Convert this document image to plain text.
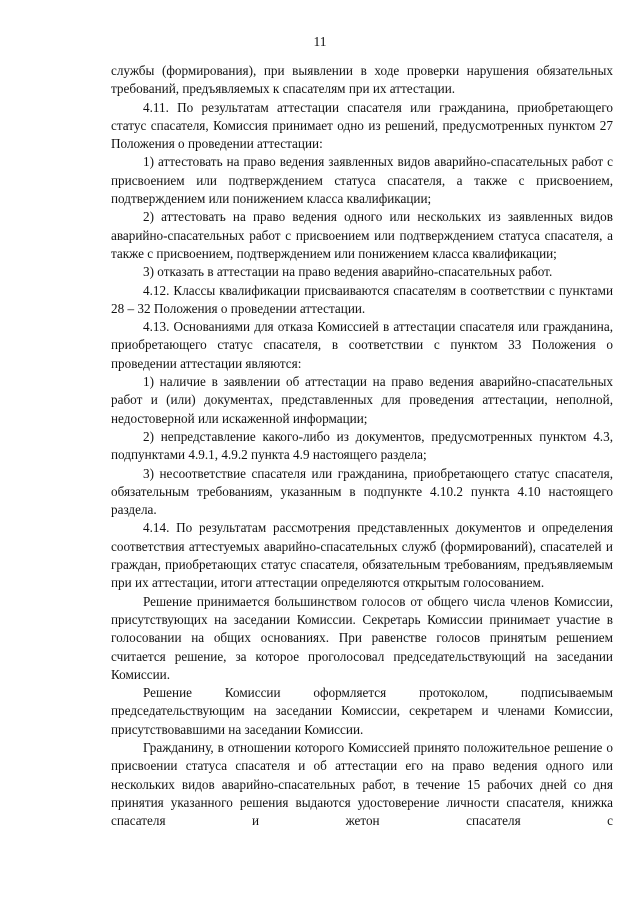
11

службы (формирования), при выявлении в ходе проверки нарушения обязательных требований, предъявляемых к спасателям при их аттестации.

4.11. По результатам аттестации спасателя или гражданина, приобретающего статус спасателя, Комиссия принимает одно из решений, предусмотренных пунктом 27 Положения о проведении аттестации:

1) аттестовать на право ведения заявленных видов аварийно-спасательных работ с присвоением или подтверждением статуса спасателя, а также с присвоением, подтверждением или понижением класса квалификации;

2) аттестовать на право ведения одного или нескольких из заявленных видов аварийно-спасательных работ с присвоением или подтверждением статуса спасателя, а также с присвоением, подтверждением или понижением класса квалификации;

3) отказать в аттестации на право ведения аварийно-спасательных работ.

4.12. Классы квалификации присваиваются спасателям в соответствии с пунктами 28 – 32 Положения о проведении аттестации.

4.13. Основаниями для отказа Комиссией в аттестации спасателя или гражданина, приобретающего статус спасателя, в соответствии с пунктом 33 Положения о проведении аттестации являются:

1) наличие в заявлении об аттестации на право ведения аварийно-спасательных работ и (или) документах, представленных для проведения аттестации, неполной, недостоверной или искаженной информации;

2) непредставление какого-либо из документов, предусмотренных пунктом 4.3, подпунктами 4.9.1, 4.9.2 пункта 4.9 настоящего раздела;

3) несоответствие спасателя или гражданина, приобретающего статус спасателя, обязательным требованиям, указанным в подпункте 4.10.2 пункта 4.10 настоящего раздела.

4.14. По результатам рассмотрения представленных документов и определения соответствия аттестуемых аварийно-спасательных служб (формирований), спасателей и граждан, приобретающих статус спасателя, обязательным требованиям, предъявляемым при их аттестации, итоги аттестации определяются открытым голосованием.

Решение принимается большинством голосов от общего числа членов Комиссии, присутствующих на заседании Комиссии. Секретарь Комиссии принимает участие в голосовании на общих основаниях. При равенстве голосов принятым решением считается решение, за которое проголосовал председательствующий на заседании Комиссии.

Решение Комиссии оформляется протоколом, подписываемым председательствующим на заседании Комиссии, секретарем и членами Комиссии, присутствовавшими на заседании Комиссии.

Гражданину, в отношении которого Комиссией принято положительное решение о присвоении статуса спасателя и об аттестации его на право ведения одного или нескольких видов аварийно-спасательных работ, в течение 15 рабочих дней со дня принятия указанного решения выдаются удостоверение личности спасателя, книжка спасателя и жетон спасателя с
